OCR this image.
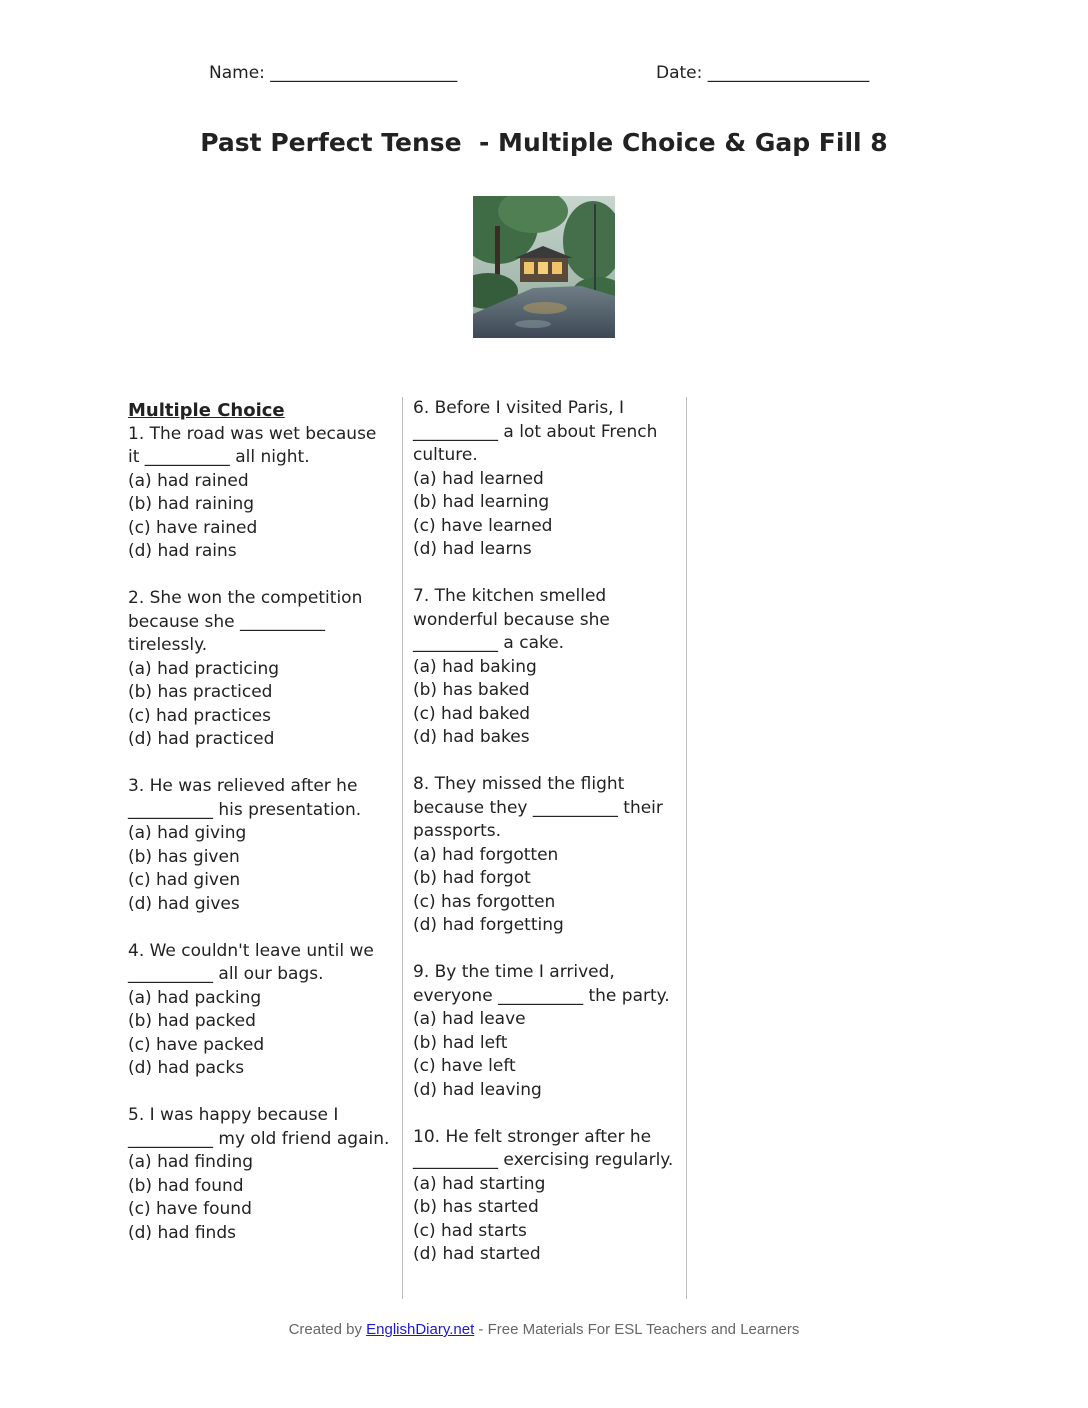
Name: ______________________	Date: ___________________
Past Perfect Tense  - Multiple Choice & Gap Fill 8
Multiple Choice
1. The road was wet because it __________ all night.
(a) had rained
(b) had raining
(c) have rained
(d) had rains
2. She won the competition because she __________ tirelessly.
(a) had practicing
(b) has practiced
(c) had practices
(d) had practiced
3. He was relieved after he __________ his presentation.
(a) had giving
(b) has given
(c) had given
(d) had gives
4. We couldn't leave until we __________ all our bags.
(a) had packing
(b) had packed
(c) have packed
(d) had packs
5. I was happy because I __________ my old friend again.
(a) had finding
(b) had found
(c) have found
(d) had finds
6. Before I visited Paris, I __________ a lot about French culture.
(a) had learned
(b) had learning
(c) have learned
(d) had learns
7. The kitchen smelled wonderful because she __________ a cake.
(a) had baking
(b) has baked
(c) had baked
(d) had bakes
8. They missed the flight because they __________ their passports.
(a) had forgotten
(b) had forgot
(c) has forgotten
(d) had forgetting
9. By the time I arrived, everyone __________ the party.
(a) had leave
(b) had left
(c) have left
(d) had leaving
10. He felt stronger after he __________ exercising regularly.
(a) had starting
(b) has started
(c) had starts
(d) had started
Created by EnglishDiary.net - Free Materials For ESL Teachers and Learners
